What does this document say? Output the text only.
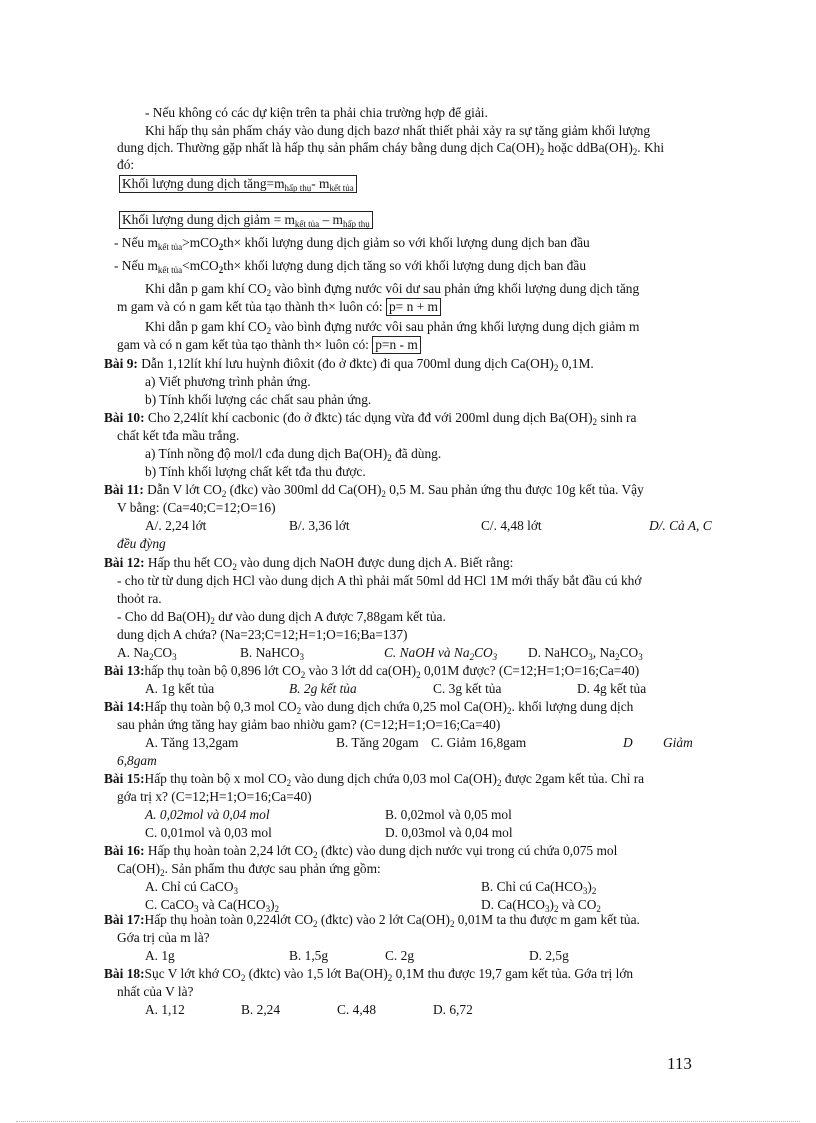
- Nếu không có các dự kiện trên ta phải chia trường hợp để giải.
Khi hấp thụ sản phẩm cháy vào dung dịch bazơ nhất thiết phải xảy ra sự tăng giảm khối lượng
dung dịch. Thường gặp nhất là hấp thụ sản phẩm cháy bằng dung dịch $Ca(OH)_2$ hoặc $ddBa(OH)_2$. Khi
đó:
Khối lượng dung dịch $tăng=m_{hấp thụ}-$ $m_{kết tủa}$
Khối lượng dung dịch giảm = $m_{kết tủa} - m_{hấp thụ}$
- Nếu $m_{kết tủa}>mCO_2th\times$ khối lượng dung dịch giảm so với khối lượng dung dịch ban đầu
- Nếu $m_{kết tủa}<mCO_2th\times$ khối lượng dung dịch tăng so với khối lượng dung dịch ban đầu
Khi dẫn p gam khí $CO_2$ vào bình đựng nước vôi dư sau phản ứng khối lượng dung dịch tăng
m gam và có n gam kết tủa tạo thành th× luôn có: p= n + m
Khi dẫn p gam khí $CO_2$ vào bình đựng nước vôi sau phản ứng khối lượng dung dịch giảm m
gam và có n gam kết tủa tạo thành th× luôn có: p=n - m
Bài 9: Dẫn 1,12lít khí lưu huỳnh điôxit (đo ở đktc) đi qua 700ml dung dịch $Ca(OH)_2$ 0,1M.
a) Viết phương trình phản ứng.
b) Tính khối lượng các chất sau phản ứng.
Bài 10: Cho 2,24lít khí cacbonic (đo ở đktc) tác dụng vừa đđ với 200ml dung dịch $Ba(OH)_2$ sinh ra
chất kết tđa mầu trắng.
a) Tính nồng độ mol/l cđa dung dịch $Ba(OH)_2$ đã dùng.
b) Tính khối lượng chất kết tđa thu được.
Bài 11: Dẫn V lớt $CO_2$ (đkc) vào 300ml dd $Ca(OH)_2$ 0,5 M. Sau phản ứng thu được 10g kết tủa. Vậy
V bằng: (Ca=40;C=12;O=16)
A/. 2,24 lớt	B/. 3,36 lớt	C/. 4,48 lớt	D/. Cả A, C
đều đỳng
Bài 12: Hấp thu hết $CO_2$ vào dung dịch NaOH được dung dịch A. Biết rằng:
- cho từ từ dung dịch HCl vào dung dịch A thì phải mất 50ml dd HCl 1M mới thấy bắt đầu cú khớ
thoỏt ra.
- Cho dd $Ba(OH)_2$ dư vào dung dịch A được 7,88gam kết tủa.
dung dịch A chứa? (Na=23;C=12;H=1;O=16;Ba=137)
A. $Na_2CO_3$	B. NaHCO$_3$	C. NaOH và $Na_2CO_3$ D. NaHCO$_3$, $Na_2CO_3$
Bài 13:hấp thụ toàn bộ 0,896 lớt $CO_2$ vào 3 lớt dd $ca(OH)_2$ 0,01M được? (C=12;H=1;O=16;Ca=40)
A. 1g kết tủa	B. 2g kết tủa	C. 3g kết tủa	D. 4g kết tủa
Bài 14:Hấp thụ toàn bộ 0,3 mol $CO_2$ vào dung dịch chứa 0,25 mol $Ca(OH)_2$. khối lượng dung dịch
sau phản ứng tăng hay giảm bao nhiờu gam? (C=12;H=1;O=16;Ca=40)
A. Tăng 13,2gam	B. Tăng 20gam C. Giảm 16,8gam	D Giảm
6,8gam
Bài 15:Hấp thụ toàn bộ x mol $CO_2$ vào dung dịch chứa 0,03 mol $Ca(OH)_2$ được 2gam kết tủa. Chỉ ra
gớa trị x? (C=12;H=1;O=16;Ca=40)
A. 0,02mol và 0,04 mol	B. 0,02mol và 0,05 mol
C. 0,01mol và 0,03 mol	D. 0,03mol và 0,04 mol
Bài 16: Hấp thụ hoàn toàn 2,24 lớt $CO_2$ (đktc) vào dung dịch nước vụi trong cú chứa 0,075 mol
$Ca(OH)_2$. Sản phẩm thu được sau phản ứng gồm:
A. Chỉ cú CaCO$_3$	B. Chỉ cú $Ca(HCO_3)_2$
C. CaCO$_3$ và $Ca(HCO_3)_2$	D. $Ca(HCO_3)_2$ và $CO_2$
Bài 17:Hấp thụ hoàn toàn 0,224lớt $CO_2$ (đktc) vào 2 lớt $Ca(OH)_2$ 0,01M ta thu được m gam kết tủa.
Gớa trị của m là?
A. 1g	B. 1,5g	C. 2g	D. 2,5g
Bài 18:Sục V lớt khớ $CO_2$ (đktc) vào 1,5 lớt $Ba(OH)_2$ 0,1M thu được 19,7 gam kết tủa. Gớa trị lớn
nhất của V là?
A. 1,12	B. 2,24	C. 4,48	D. 6,72
113
